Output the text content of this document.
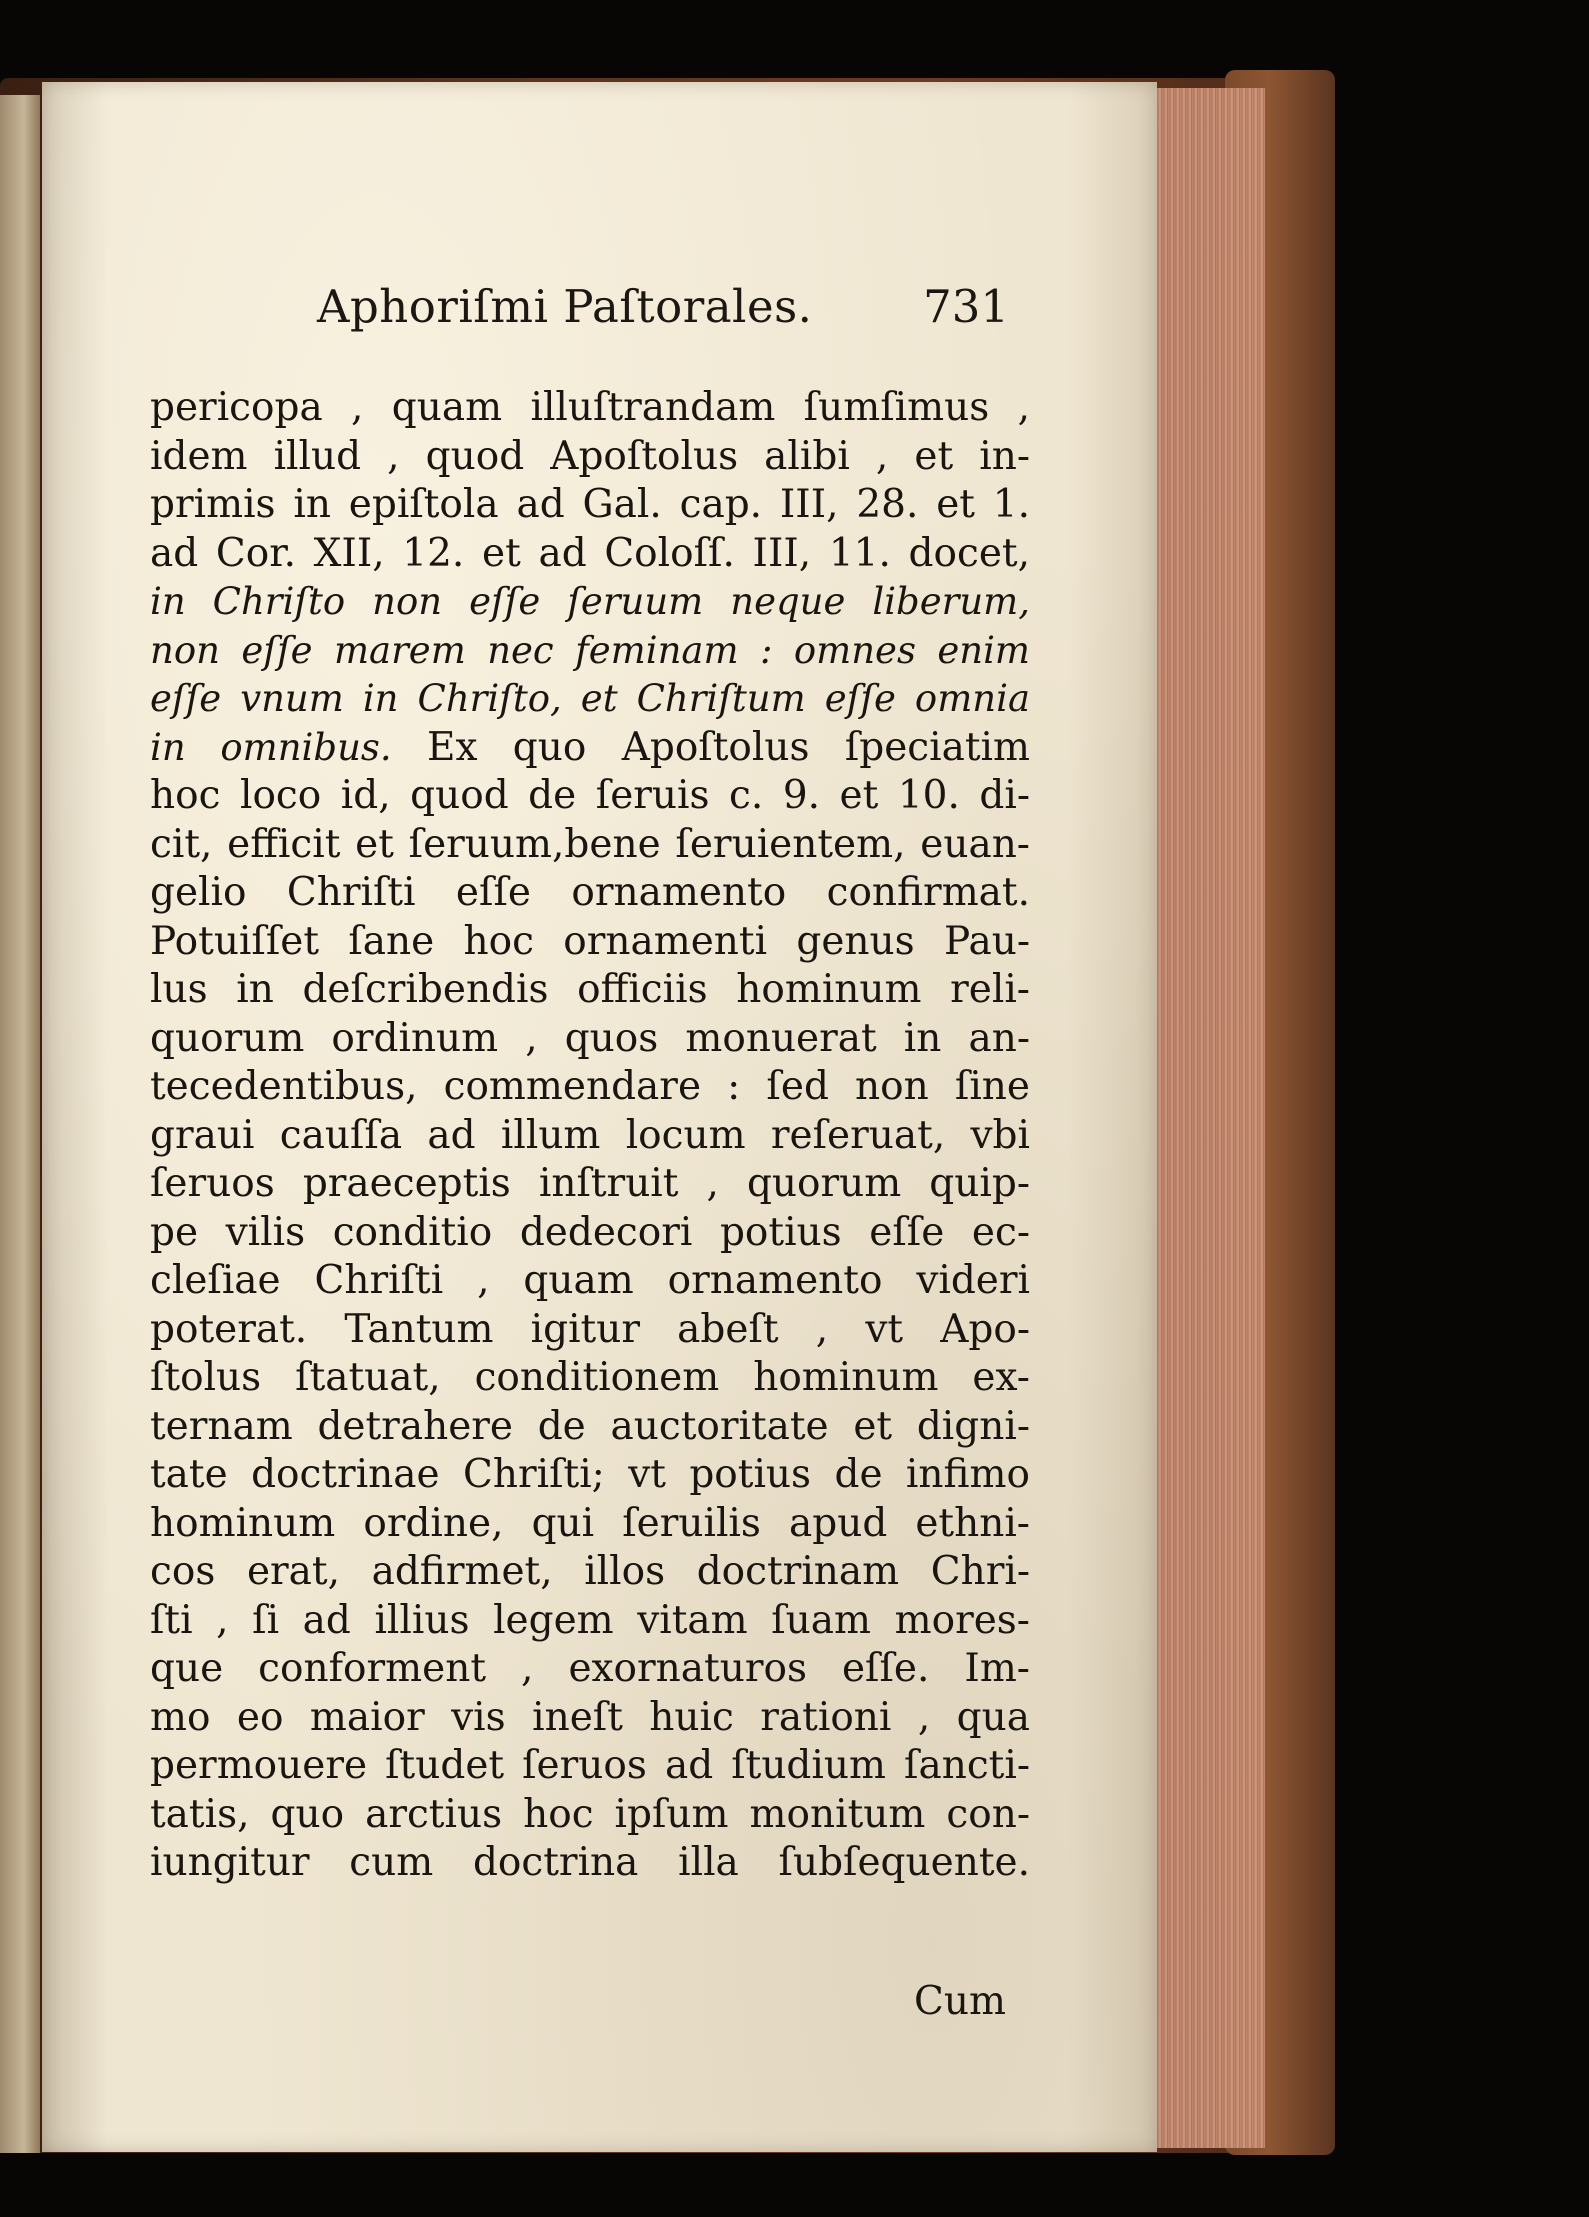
Aphoriſmi Paſtorales. 731
pericopa , quam illuſtrandam ſumſimus ,
idem illud , quod Apoſtolus alibi , et in-
primis in epiſtola ad Gal. cap. III, 28. et 1.
ad Cor. XII, 12. et ad Coloſſ. III, 11. docet,
in Chriſto non eſſe ſeruum neque liberum,
non eſſe marem nec feminam : omnes enim
eſſe vnum in Chriſto, et Chriſtum eſſe omnia
in omnibus. Ex quo Apoſtolus ſpeciatim
hoc loco id, quod de ſeruis c. 9. et 10. di-
cit, efficit et ſeruum,bene ſeruientem, euan-
gelio Chriſti eſſe ornamento confirmat.
Potuiſſet ſane hoc ornamenti genus Pau-
lus in deſcribendis officiis hominum reli-
quorum ordinum , quos monuerat in an-
tecedentibus, commendare : ſed non ſine
graui cauſſa ad illum locum reſeruat, vbi
ſeruos praeceptis inſtruit , quorum quip-
pe vilis conditio dedecori potius eſſe ec-
cleſiae Chriſti , quam ornamento videri
poterat. Tantum igitur abeſt , vt Apo-
ſtolus ſtatuat, conditionem hominum ex-
ternam detrahere de auctoritate et digni-
tate doctrinae Chriſti; vt potius de infimo
hominum ordine, qui ſeruilis apud ethni-
cos erat, adfirmet, illos doctrinam Chri-
ſti , ſi ad illius legem vitam ſuam mores-
que conforment , exornaturos eſſe. Im-
mo eo maior vis ineſt huic rationi , qua
permouere ſtudet ſeruos ad ſtudium ſancti-
tatis, quo arctius hoc ipſum monitum con-
iungitur cum doctrina illa ſubſequente.
Cum
